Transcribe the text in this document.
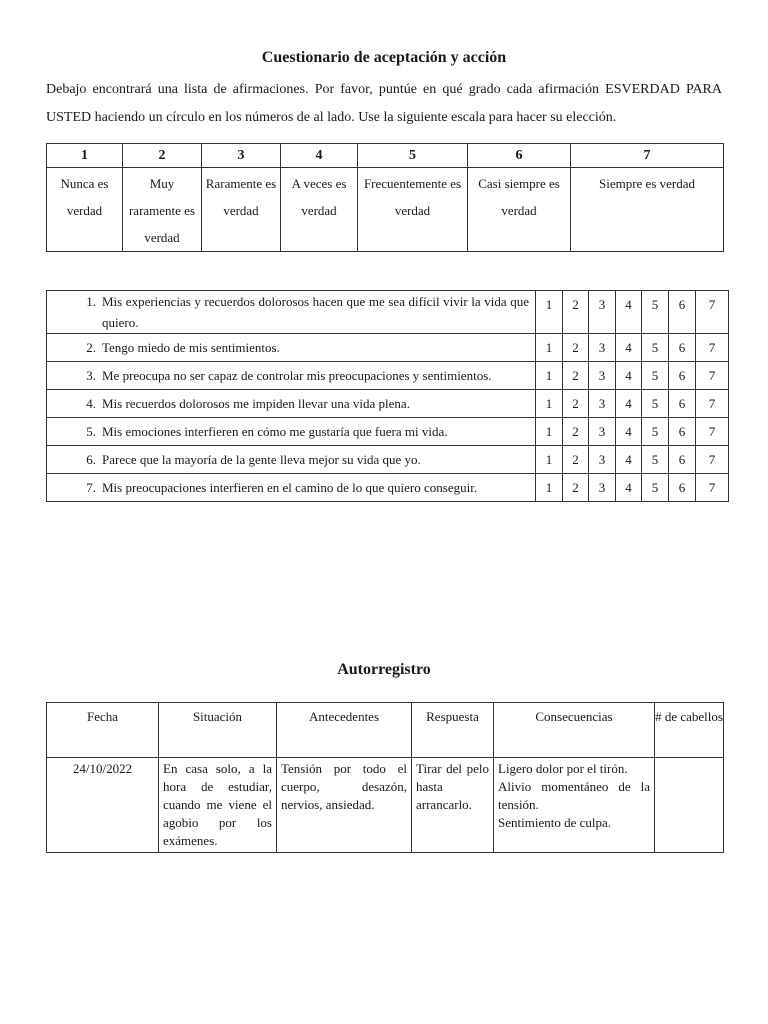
Cuestionario de aceptación y acción

Debajo encontrará una lista de afirmaciones. Por favor, puntúe en qué grado cada afirmación ESVERDAD PARA USTED haciendo un círculo en los números de al lado. Use la siguiente escala para hacer su elección.

1	2	3	4	5	6	7
Nunca es verdad	Muy raramente es verdad	Raramente es verdad	A veces es verdad	Frecuentemente es verdad	Casi siempre es verdad	Siempre es verdad
1. Mis experiencias y recuerdos dolorosos hacen que me sea difícil vivir la vida que quiero.	1	2	3	4	5	6	7

2. Tengo miedo de mis sentimientos.	1	2	3	4	5	6	7

3. Me preocupa no ser capaz de controlar mis preocupaciones y sentimientos.	1	2	3	4	5	6	7

4. Mis recuerdos dolorosos me impiden llevar una vida plena.	1	2	3	4	5	6	7

5. Mis emociones interfieren en cómo me gustaría que fuera mi vida.	1	2	3	4	5	6	7

6. Parece que la mayoría de la gente lleva mejor su vida que yo.	1	2	3	4	5	6	7

7. Mis preocupaciones interfieren en el camino de lo que quiero conseguir.	1	2	3	4	5	6	7
Autorregistro
Fecha	Situación	Antecedentes	Respuesta	Consecuencias	# de cabellos
24/10/2022	En casa solo, a la hora de estudiar, cuando me viene el agobio por los exámenes.	Tensión por todo el cuerpo, desazón, nervios, ansiedad.	Tirar del pelo hasta arrancarlo.	Ligero dolor por el tirón.
Alivio momentáneo de la tensión.
Sentimiento de culpa.	
